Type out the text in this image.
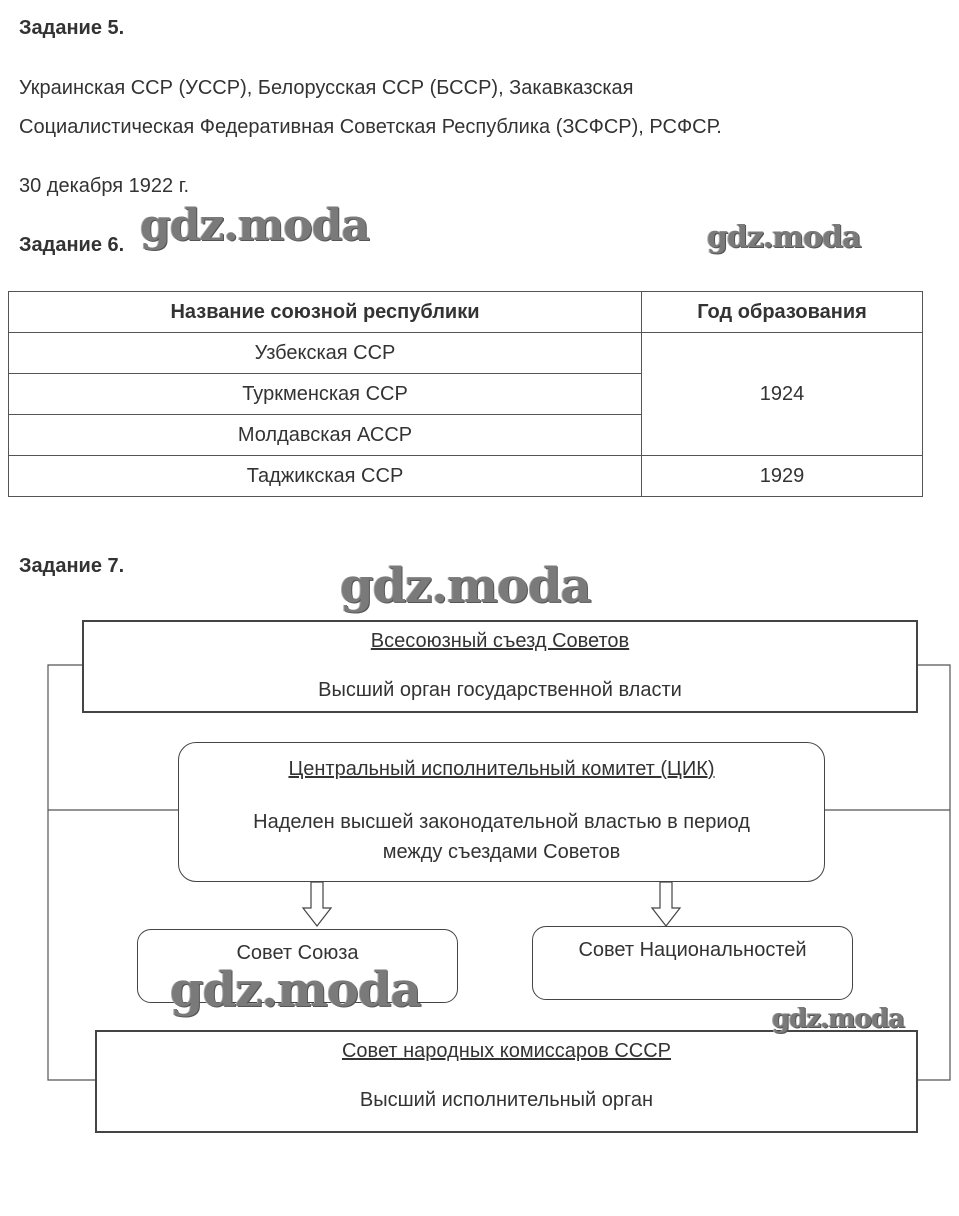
Задание 5.
Украинская ССР (УССР), Белорусская ССР (БССР), Закавказская
Социалистическая Федеративная Советская Республика (ЗСФСР), РСФСР.
30 декабря 1922 г.
Задание 6.
Название союзной республики	Год образования
Узбекская ССР	1924
Туркменская ССР	
Молдавская АССР	
Таджикская ССР	1929
Задание 7.
Всесоюзный съезд Советов
Высший орган государственной власти
Центральный исполнительный комитет (ЦИК)
Наделен высшей законодательной властью в период
между съездами Советов
Совет Союза	Совет Национальностей
Совет народных комиссаров СССР
Высший исполнительный орган
gdz.moda	gdz.moda
gdz.moda
gdz.moda
gdz.moda
